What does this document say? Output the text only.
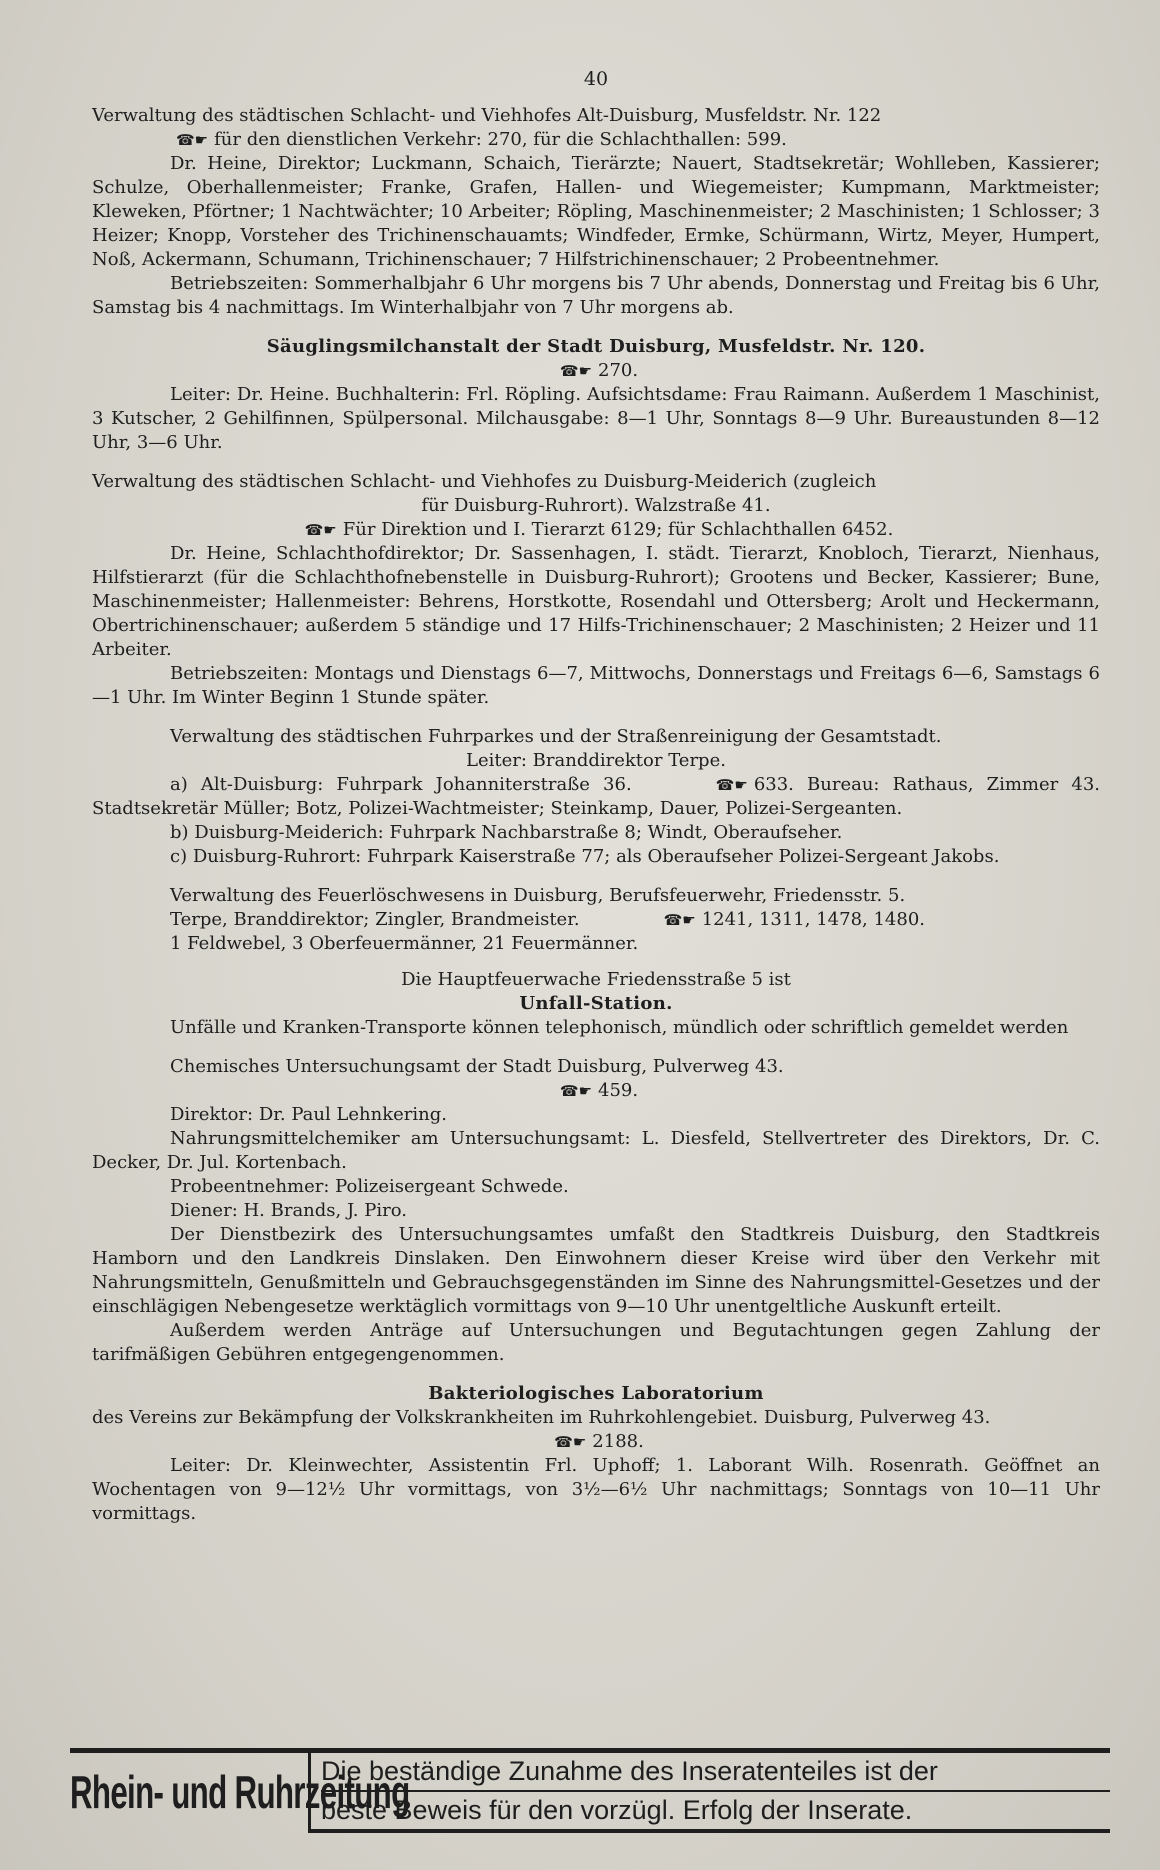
40

Verwaltung des städtischen Schlacht- und Viehhofes Alt-Duisburg, Musfeldstr. Nr. 122

☎☛ für den dienstlichen Verkehr: 270, für die Schlachthallen: 599.

Dr. Heine, Direktor; Luckmann, Schaich, Tierärzte; Nauert, Stadtsekretär; Wohlleben, Kassierer; Schulze, Oberhallenmeister; Franke, Grafen, Hallen- und Wiegemeister; Kumpmann, Marktmeister; Kleweken, Pförtner; 1 Nachtwächter; 10 Arbeiter; Röpling, Maschinenmeister; 2 Maschinisten; 1 Schlosser; 3 Heizer; Knopp, Vorsteher des Trichinenschauamts; Windfeder, Ermke, Schürmann, Wirtz, Meyer, Humpert, Noß, Ackermann, Schumann, Trichinenschauer; 7 Hilfstrichinenschauer; 2 Probeentnehmer.

Betriebszeiten: Sommerhalbjahr 6 Uhr morgens bis 7 Uhr abends, Donnerstag und Freitag bis 6 Uhr, Samstag bis 4 nachmittags. Im Winterhalbjahr von 7 Uhr morgens ab.

Säuglingsmilchanstalt der Stadt Duisburg, Musfeldstr. Nr. 120.

☎☛ 270.

Leiter: Dr. Heine. Buchhalterin: Frl. Röpling. Aufsichtsdame: Frau Raimann. Außerdem 1 Maschinist, 3 Kutscher, 2 Gehilfinnen, Spülpersonal. Milchausgabe: 8—1 Uhr, Sonntags 8—9 Uhr. Bureaustunden 8—12 Uhr, 3—6 Uhr.

Verwaltung des städtischen Schlacht- und Viehhofes zu Duisburg-Meiderich (zugleich

für Duisburg-Ruhrort). Walzstraße 41.

☎☛ Für Direktion und I. Tierarzt 6129; für Schlachthallen 6452.

Dr. Heine, Schlachthofdirektor; Dr. Sassenhagen, I. städt. Tierarzt, Knobloch, Tierarzt, Nienhaus, Hilfstierarzt (für die Schlachthofnebenstelle in Duisburg-Ruhrort); Grootens und Becker, Kassierer; Bune, Maschinenmeister; Hallenmeister: Behrens, Horstkotte, Rosendahl und Ottersberg; Arolt und Heckermann, Obertrichinenschauer; außerdem 5 ständige und 17 Hilfs-Trichinenschauer; 2 Maschinisten; 2 Heizer und 11 Arbeiter.

Betriebszeiten: Montags und Dienstags 6—7, Mittwochs, Donnerstags und Freitags 6—6, Samstags 6—1 Uhr. Im Winter Beginn 1 Stunde später.

Verwaltung des städtischen Fuhrparkes und der Straßenreinigung der Gesamtstadt.

Leiter: Branddirektor Terpe.

a) Alt-Duisburg: Fuhrpark Johanniterstraße 36.	☎☛ 633. Bureau: Rathaus, Zimmer 43. Stadtsekretär Müller; Botz, Polizei-Wachtmeister; Steinkamp, Dauer, Polizei-Sergeanten.

b) Duisburg-Meiderich: Fuhrpark Nachbarstraße 8; Windt, Oberaufseher.

c) Duisburg-Ruhrort: Fuhrpark Kaiserstraße 77; als Oberaufseher Polizei-Sergeant Jakobs.

Verwaltung des Feuerlöschwesens in Duisburg, Berufsfeuerwehr, Friedensstr. 5.

Terpe, Branddirektor; Zingler, Brandmeister.	☎☛ 1241, 1311, 1478, 1480.

1 Feldwebel, 3 Oberfeuermänner, 21 Feuermänner.

Die Hauptfeuerwache Friedensstraße 5 ist

Unfall-Station.

Unfälle und Kranken-Transporte können telephonisch, mündlich oder schriftlich gemeldet werden

Chemisches Untersuchungsamt der Stadt Duisburg, Pulverweg 43.

☎☛ 459.

Direktor: Dr. Paul Lehnkering.

Nahrungsmittelchemiker am Untersuchungsamt: L. Diesfeld, Stellvertreter des Direktors, Dr. C. Decker, Dr. Jul. Kortenbach.

Probeentnehmer: Polizeisergeant Schwede.

Diener: H. Brands, J. Piro.

Der Dienstbezirk des Untersuchungsamtes umfaßt den Stadtkreis Duisburg, den Stadtkreis Hamborn und den Landkreis Dinslaken. Den Einwohnern dieser Kreise wird über den Verkehr mit Nahrungsmitteln, Genußmitteln und Gebrauchsgegenständen im Sinne des Nahrungsmittel-Gesetzes und der einschlägigen Nebengesetze werktäglich vormittags von 9—10 Uhr unentgeltliche Auskunft erteilt.

Außerdem werden Anträge auf Untersuchungen und Begutachtungen gegen Zahlung der tarifmäßigen Gebühren entgegengenommen.

Bakteriologisches Laboratorium

des Vereins zur Bekämpfung der Volkskrankheiten im Ruhrkohlengebiet. Duisburg, Pulverweg 43.

☎☛ 2188.

Leiter: Dr. Kleinwechter, Assistentin Frl. Uphoff; 1. Laborant Wilh. Rosenrath. Geöffnet an Wochentagen von 9—12½ Uhr vormittags, von 3½—6½ Uhr nachmittags; Sonntags von 10—11 Uhr vormittags.

Rhein- und Ruhrzeitung
Die beständige Zunahme des Inseratenteiles ist der
beste Beweis für den vorzügl. Erfolg der Inserate.
